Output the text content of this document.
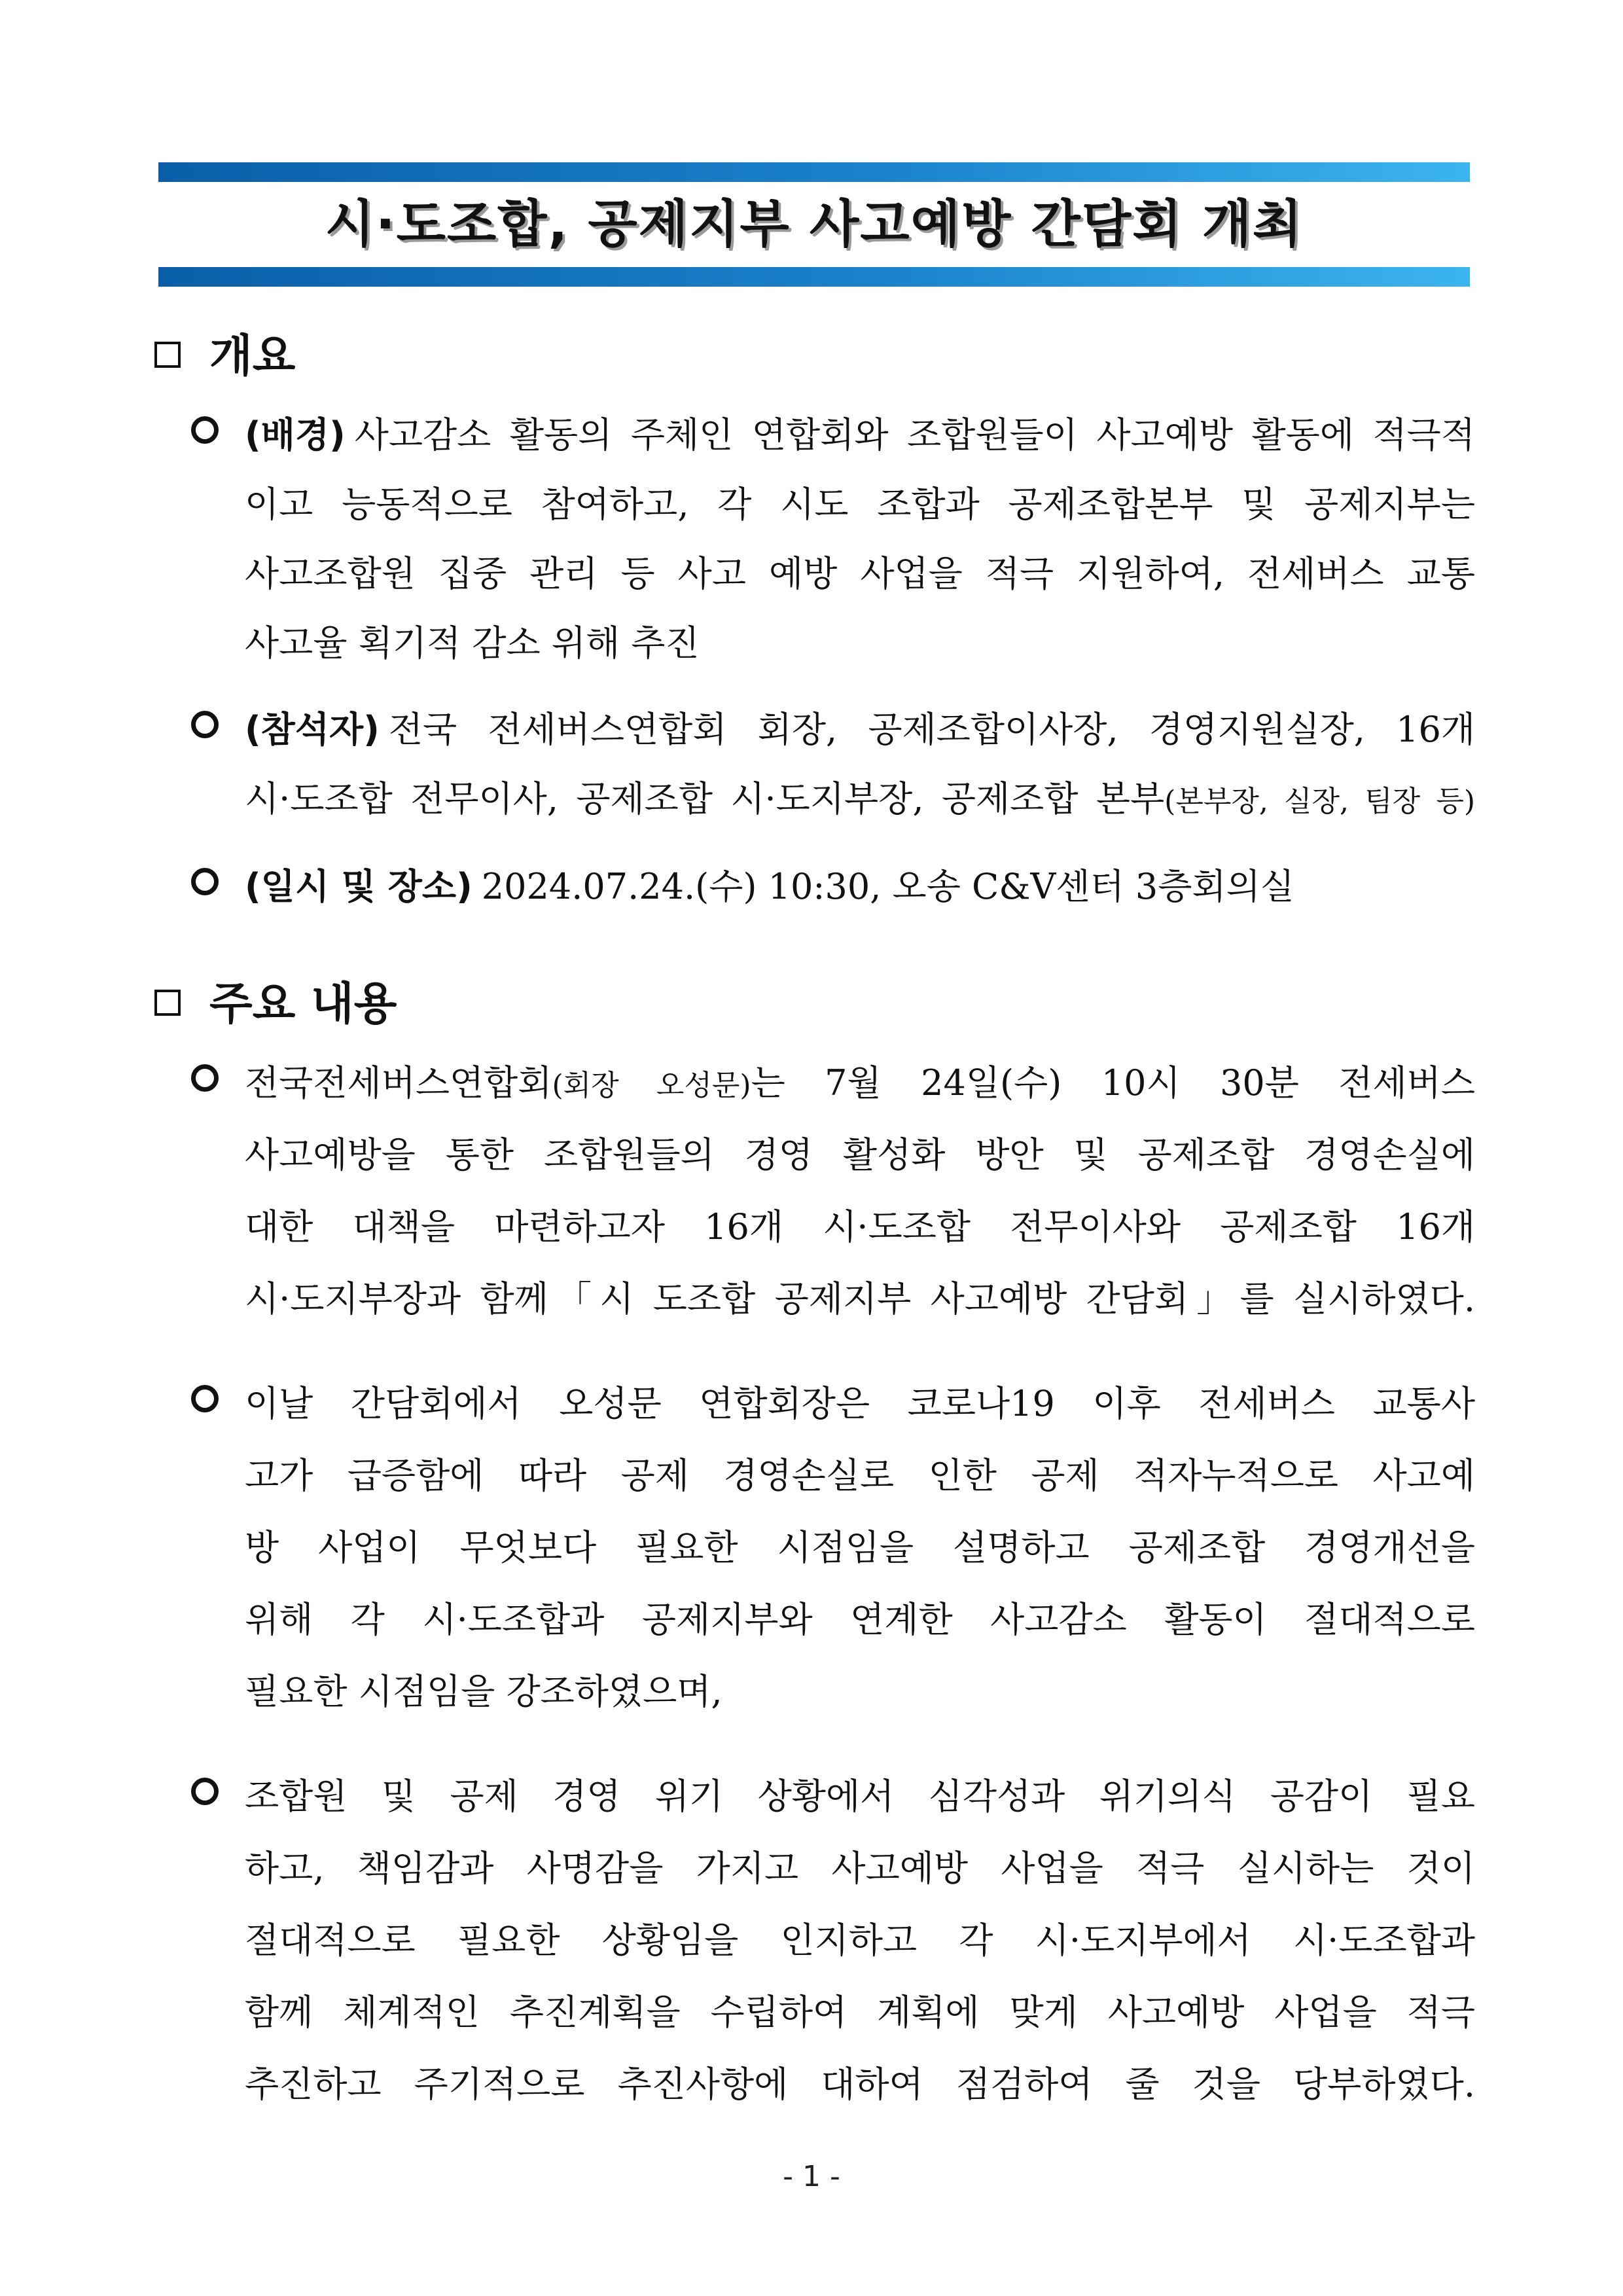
시·도조합, 공제지부 사고예방 간담회 개최
개요
(배경) 사고감소 활동의 주체인 연합회와 조합원들이 사고예방 활동에 적극적
이고 능동적으로 참여하고, 각 시도 조합과 공제조합본부 및 공제지부는
사고조합원 집중 관리 등 사고 예방 사업을 적극 지원하여, 전세버스 교통
사고율 획기적 감소 위해 추진
(참석자) 전국 전세버스연합회 회장, 공제조합이사장, 경영지원실장, 16개
시·도조합 전무이사, 공제조합 시·도지부장, 공제조합 본부(본부장, 실장, 팀장 등)
(일시 및 장소) 2024.07.24.(수) 10:30, 오송 C&V센터 3층회의실
주요 내용
전국전세버스연합회(회장 오성문)는 7월 24일(수) 10시 30분 전세버스
사고예방을 통한 조합원들의 경영 활성화 방안 및 공제조합 경영손실에
대한 대책을 마련하고자 16개 시·도조합 전무이사와 공제조합 16개
시·도지부장과 함께「시 도조합 공제지부 사고예방 간담회」를 실시하였다.
이날 간담회에서 오성문 연합회장은 코로나19 이후 전세버스 교통사
고가 급증함에 따라 공제 경영손실로 인한 공제 적자누적으로 사고예
방 사업이 무엇보다 필요한 시점임을 설명하고 공제조합 경영개선을
위해 각 시·도조합과 공제지부와 연계한 사고감소 활동이 절대적으로
필요한 시점임을 강조하였으며,
조합원 및 공제 경영 위기 상황에서 심각성과 위기의식 공감이 필요
하고, 책임감과 사명감을 가지고 사고예방 사업을 적극 실시하는 것이
절대적으로 필요한 상황임을 인지하고 각 시·도지부에서 시·도조합과
함께 체계적인 추진계획을 수립하여 계획에 맞게 사고예방 사업을 적극
추진하고 주기적으로 추진사항에 대하여 점검하여 줄 것을 당부하였다.
- 1 -
